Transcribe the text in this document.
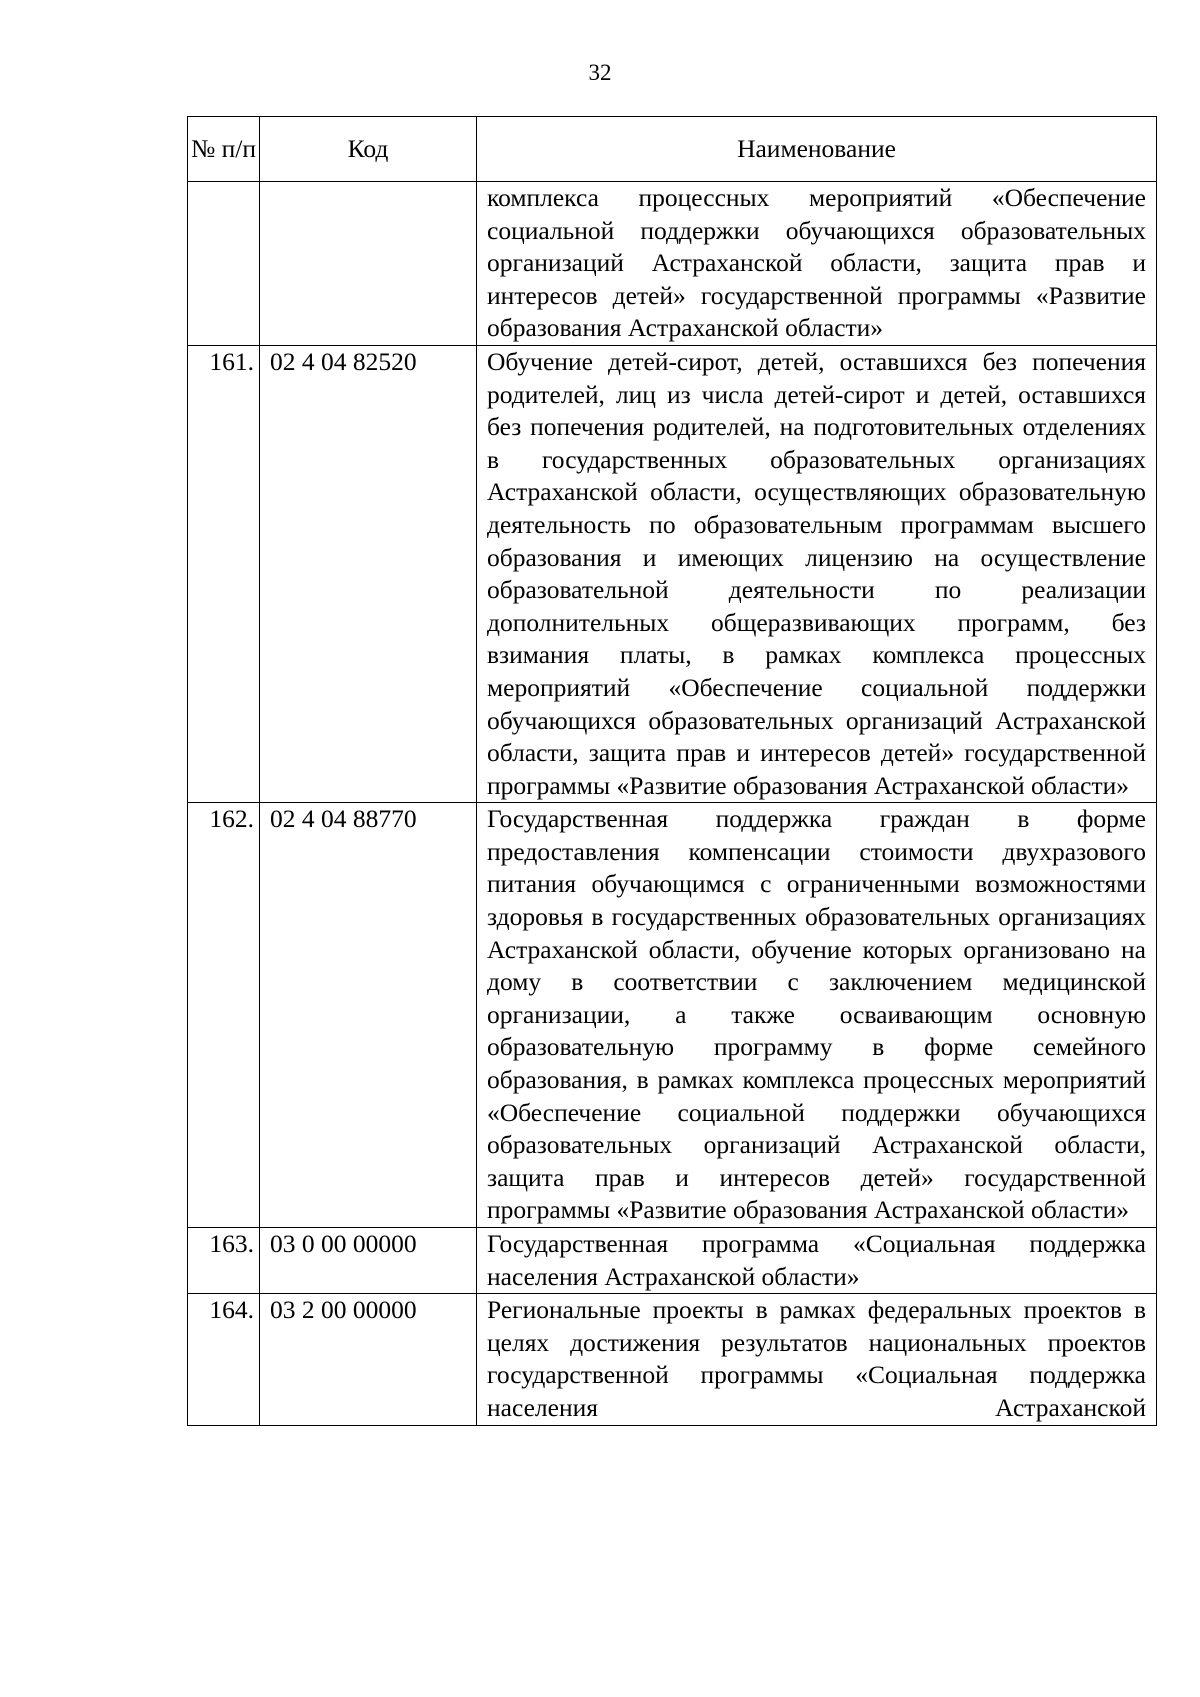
32
№ п/п	Код	Наименование
		комплекса процессных мероприятий «Обеспечение социальной поддержки обучающихся образовательных организаций Астраханской области, защита прав и интересов детей» государственной программы «Развитие образования Астраханской области»
161.	02 4 04 82520	Обучение детей-сирот, детей, оставшихся без попечения родителей, лиц из числа детей-сирот и детей, оставшихся без попечения родителей, на подготовительных отделениях в государственных образовательных организациях Астраханской области, осуществляющих образовательную деятельность по образовательным программам высшего образования и имеющих лицензию на осуществление образовательной деятельности по реализации дополнительных общеразвивающих программ, без взимания платы, в рамках комплекса процессных мероприятий «Обеспечение социальной поддержки обучающихся образовательных организаций Астраханской области, защита прав и интересов детей» государственной программы «Развитие образования Астраханской области»
162.	02 4 04 88770	Государственная поддержка граждан в форме предоставления компенсации стоимости двухразового питания обучающимся с ограниченными возможностями здоровья в государственных образовательных организациях Астраханской области, обучение которых организовано на дому в соответствии с заключением медицинской организации, а также осваивающим основную образовательную программу в форме семейного образования, в рамках комплекса процессных мероприятий «Обеспечение социальной поддержки обучающихся образовательных организаций Астраханской области, защита прав и интересов детей» государственной программы «Развитие образования Астраханской области»
163.	03 0 00 00000	Государственная программа «Социальная поддержка населения Астраханской области»
164.	03 2 00 00000	Региональные проекты в рамках федеральных проектов в целях достижения результатов национальных проектов государственной программы «Социальная поддержка населения Астраханской
